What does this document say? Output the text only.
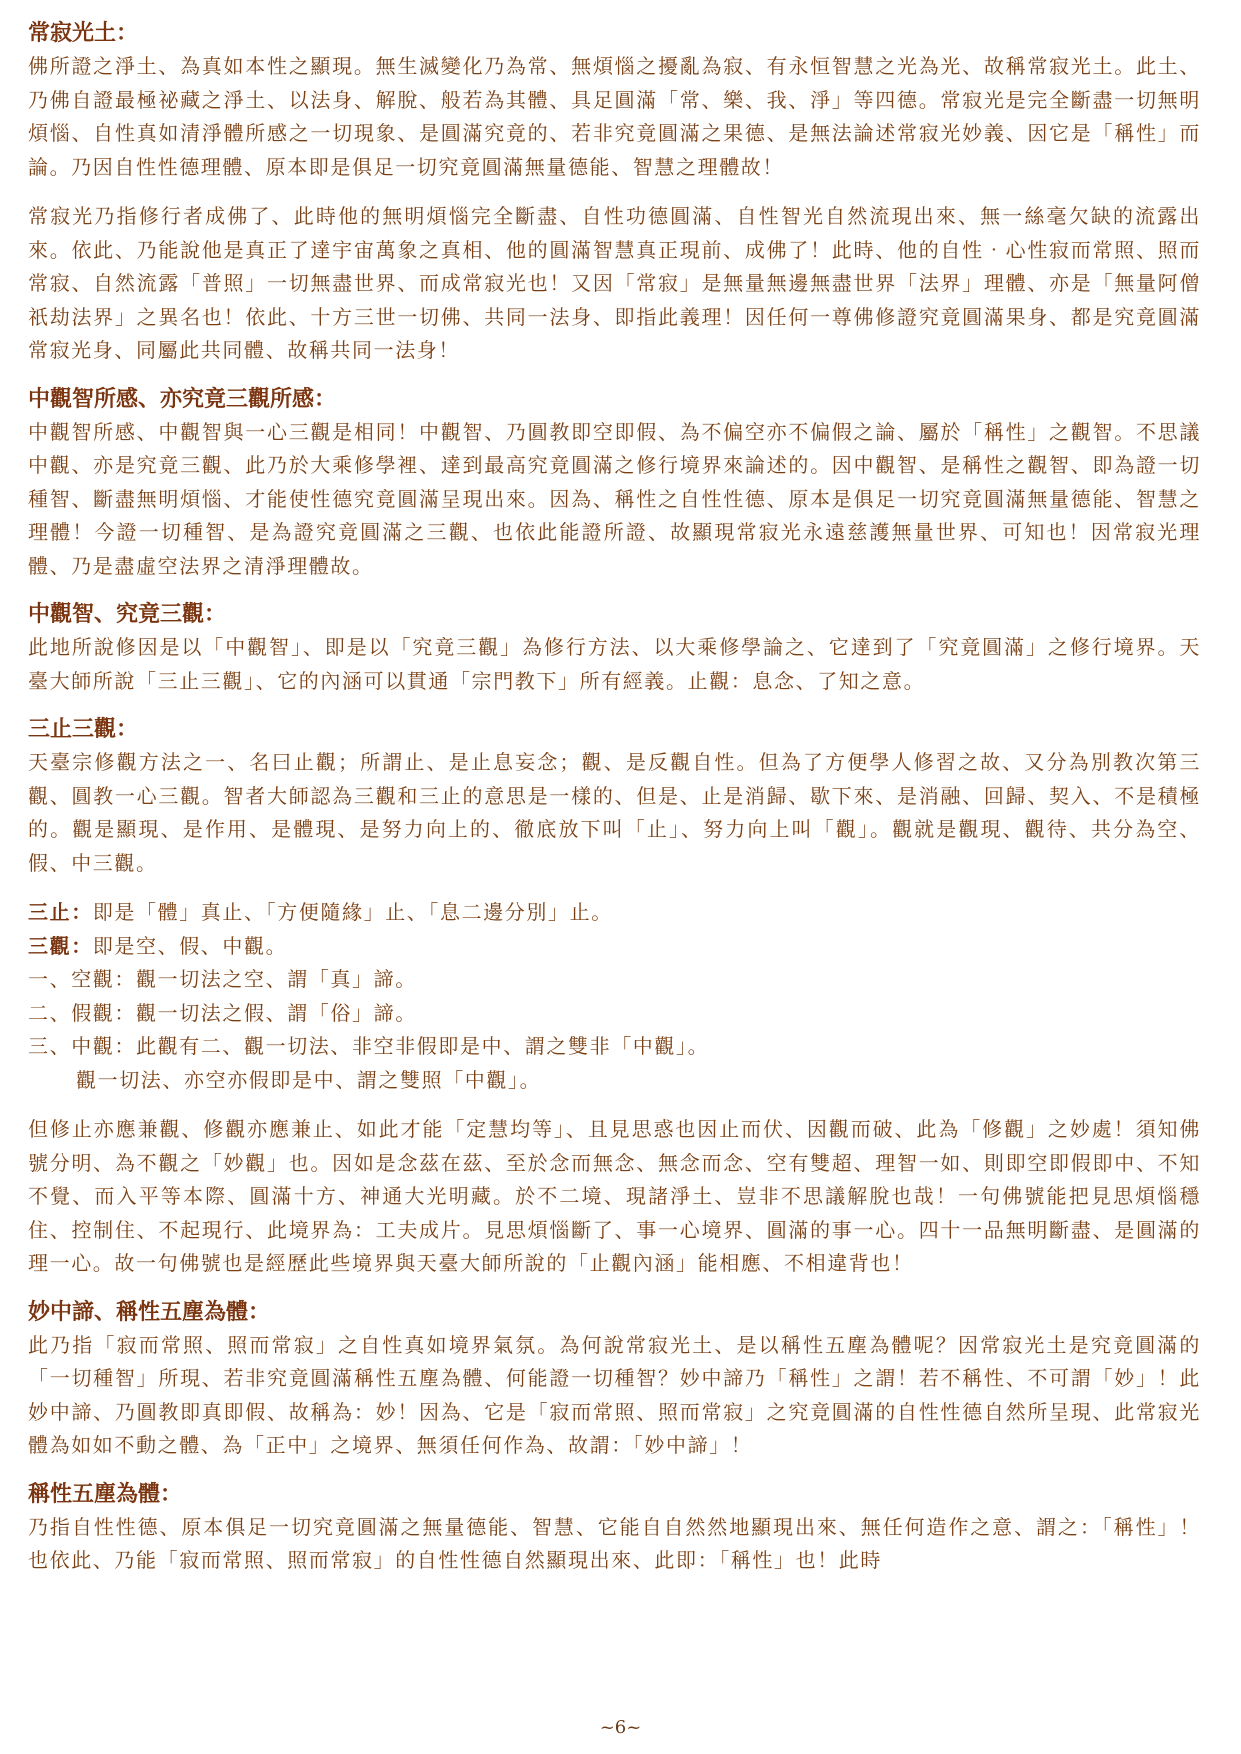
常寂光土：

佛所證之淨土、為真如本性之顯現。無生滅變化乃為常、無煩惱之擾亂為寂、有永恒智慧之光為光、故稱常寂光土。此土、乃佛自證最極祕藏之淨土、以法身、解脫、般若為其體、具足圓滿「常、樂、我、淨」等四德。常寂光是完全斷盡一切無明煩惱、自性真如清淨體所感之一切現象、是圓滿究竟的、若非究竟圓滿之果德、是無法論述常寂光妙義、因它是「稱性」而論。乃因自性性德理體、原本即是俱足一切究竟圓滿無量德能、智慧之理體故！

常寂光乃指修行者成佛了、此時他的無明煩惱完全斷盡、自性功德圓滿、自性智光自然流現出來、無一絲毫欠缺的流露出來。依此、乃能說他是真正了達宇宙萬象之真相、他的圓滿智慧真正現前、成佛了！此時、他的自性‧心性寂而常照、照而常寂、自然流露「普照」一切無盡世界、而成常寂光也！又因「常寂」是無量無邊無盡世界「法界」理體、亦是「無量阿僧祇劫法界」之異名也！依此、十方三世一切佛、共同一法身、即指此義理！因任何一尊佛修證究竟圓滿果身、都是究竟圓滿常寂光身、同屬此共同體、故稱共同一法身！

中觀智所感、亦究竟三觀所感：

中觀智所感、中觀智與一心三觀是相同！中觀智、乃圓教即空即假、為不偏空亦不偏假之論、屬於「稱性」之觀智。不思議中觀、亦是究竟三觀、此乃於大乘修學裡、達到最高究竟圓滿之修行境界來論述的。因中觀智、是稱性之觀智、即為證一切種智、斷盡無明煩惱、才能使性德究竟圓滿呈現出來。因為、稱性之自性性德、原本是俱足一切究竟圓滿無量德能、智慧之理體！今證一切種智、是為證究竟圓滿之三觀、也依此能證所證、故顯現常寂光永遠慈護無量世界、可知也！因常寂光理體、乃是盡虛空法界之清淨理體故。

中觀智、究竟三觀：

此地所說修因是以「中觀智」、即是以「究竟三觀」為修行方法、以大乘修學論之、它達到了「究竟圓滿」之修行境界。天臺大師所說「三止三觀」、它的內涵可以貫通「宗門教下」所有經義。止觀：息念、了知之意。

三止三觀：

天臺宗修觀方法之一、名曰止觀；所謂止、是止息妄念；觀、是反觀自性。但為了方便學人修習之故、又分為別教次第三觀、圓教一心三觀。智者大師認為三觀和三止的意思是一樣的、但是、止是消歸、歇下來、是消融、回歸、契入、不是積極的。觀是顯現、是作用、是體現、是努力向上的、徹底放下叫「止」、努力向上叫「觀」。觀就是觀現、觀待、共分為空、假、中三觀。

三止：即是「體」真止、「方便隨緣」止、「息二邊分別」止。

三觀：即是空、假、中觀。

一、空觀：觀一切法之空、謂「真」諦。

二、假觀：觀一切法之假、謂「俗」諦。

三、中觀：此觀有二、觀一切法、非空非假即是中、謂之雙非「中觀」。

觀一切法、亦空亦假即是中、謂之雙照「中觀」。

但修止亦應兼觀、修觀亦應兼止、如此才能「定慧均等」、且見思惑也因止而伏、因觀而破、此為「修觀」之妙處！須知佛號分明、為不觀之「妙觀」也。因如是念茲在茲、至於念而無念、無念而念、空有雙超、理智一如、則即空即假即中、不知不覺、而入平等本際、圓滿十方、神通大光明藏。於不二境、現諸淨土、豈非不思議解脫也哉！一句佛號能把見思煩惱穩住、控制住、不起現行、此境界為：工夫成片。見思煩惱斷了、事一心境界、圓滿的事一心。四十一品無明斷盡、是圓滿的理一心。故一句佛號也是經歷此些境界與天臺大師所說的「止觀內涵」能相應、不相違背也！

妙中諦、稱性五塵為體：

此乃指「寂而常照、照而常寂」之自性真如境界氣氛。為何說常寂光土、是以稱性五塵為體呢？因常寂光土是究竟圓滿的「一切種智」所現、若非究竟圓滿稱性五塵為體、何能證一切種智？妙中諦乃「稱性」之謂！若不稱性、不可謂「妙」！此妙中諦、乃圓教即真即假、故稱為：妙！因為、它是「寂而常照、照而常寂」之究竟圓滿的自性性德自然所呈現、此常寂光體為如如不動之體、為「正中」之境界、無須任何作為、故謂：「妙中諦」！

稱性五塵為體：

乃指自性性德、原本俱足一切究竟圓滿之無量德能、智慧、它能自自然然地顯現出來、無任何造作之意、謂之：「稱性」！也依此、乃能「寂而常照、照而常寂」的自性性德自然顯現出來、此即：「稱性」也！此時

~6~
